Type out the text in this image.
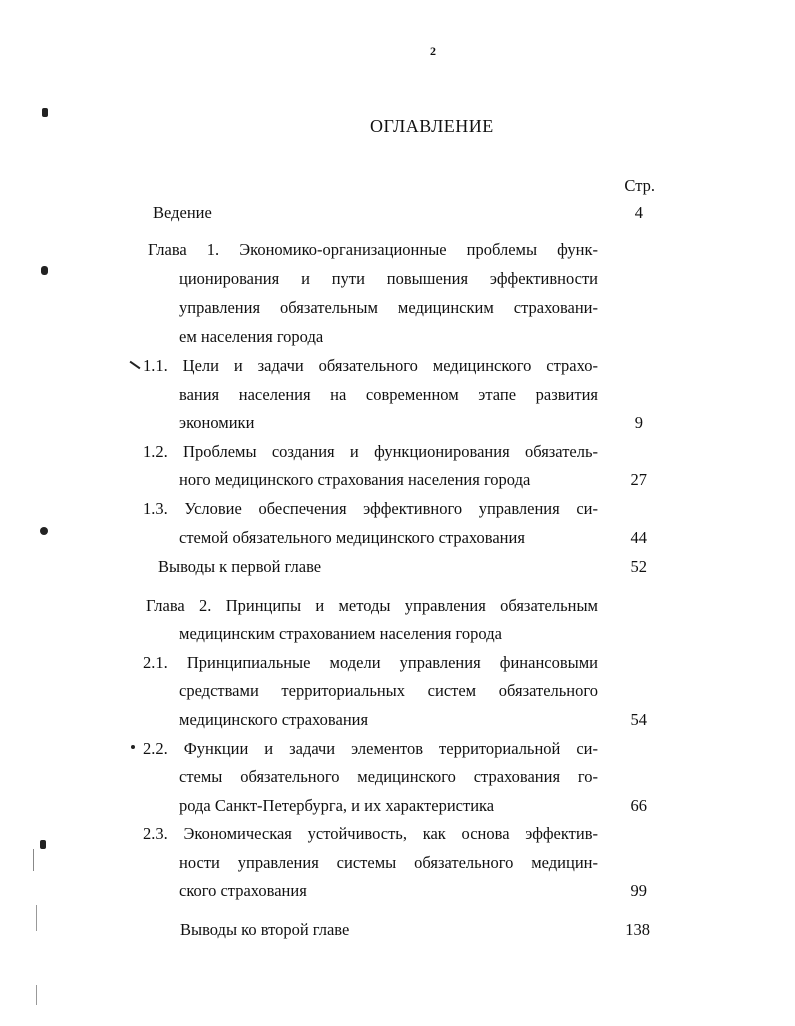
2
ОГЛАВЛЕНИЕ
Стр.
Ведение	4
Глава 1. Экономико-организационные проблемы функ-
ционирования и пути повышения эффективности
управления обязательным медицинским страховани-
ем населения города
1.1. Цели и задачи обязательного медицинского страхо-
вания населения на современном этапе развития
экономики	9
1.2. Проблемы создания и функционирования обязатель-
ного медицинского страхования населения города	27
1.3. Условие обеспечения эффективного управления си-
стемой обязательного медицинского страхования	44
Выводы к первой главе	52
Глава 2. Принципы и методы управления обязательным
медицинским страхованием населения города
2.1. Принципиальные модели управления финансовыми
средствами территориальных систем обязательного
медицинского страхования	54
2.2. Функции и задачи элементов территориальной си-
стемы обязательного медицинского страхования го-
рода Санкт-Петербурга, и их характеристика	66
2.3. Экономическая устойчивость, как основа эффектив-
ности управления системы обязательного медицин-
ского страхования	99
Выводы ко второй главе	138
